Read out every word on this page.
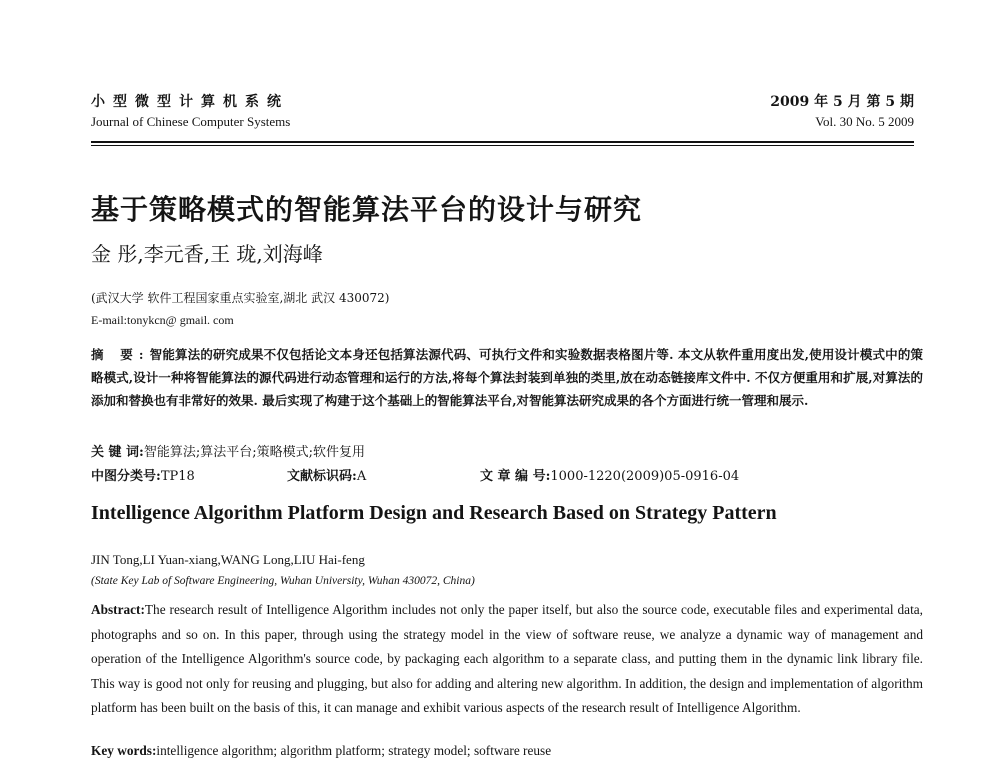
小型微型计算机系统
Journal of Chinese Computer Systems
2009 年 5 月 第 5 期
Vol. 30 No. 5 2009
基于策略模式的智能算法平台的设计与研究
金 彤,李元香,王 珑,刘海峰
(武汉大学 软件工程国家重点实验室,湖北 武汉 430072)
E-mail:tonykcn@ gmail. com
摘 要:智能算法的研究成果不仅包括论文本身还包括算法源代码、可执行文件和实验数据表格图片等. 本文从软件重用度出发,使用设计模式中的策略模式,设计一种将智能算法的源代码进行动态管理和运行的方法,将每个算法封装到单独的类里,放在动态链接库文件中. 不仅方便重用和扩展,对算法的添加和替换也有非常好的效果. 最后实现了构建于这个基础上的智能算法平台,对智能算法研究成果的各个方面进行统一管理和展示.
关 键 词:智能算法;算法平台;策略模式;软件复用
中图分类号:TP18	文献标识码:A	文 章 编 号:1000-1220(2009)05-0916-04
Intelligence Algorithm Platform Design and Research Based on Strategy Pattern
JIN Tong,LI Yuan-xiang,WANG Long,LIU Hai-feng
(State Key Lab of Software Engineering, Wuhan University, Wuhan 430072, China)
Abstract:The research result of Intelligence Algorithm includes not only the paper itself, but also the source code, executable files and experimental data, photographs and so on. In this paper, through using the strategy model in the view of software reuse, we analyze a dynamic way of management and operation of the Intelligence Algorithm's source code, by packaging each algorithm to a separate class, and putting them in the dynamic link library file. This way is good not only for reusing and plugging, but also for adding and altering new algorithm. In addition, the design and implementation of algorithm platform has been built on the basis of this, it can manage and exhibit various aspects of the research result of Intelligence Algorithm.
Key words:intelligence algorithm; algorithm platform; strategy model; software reuse
